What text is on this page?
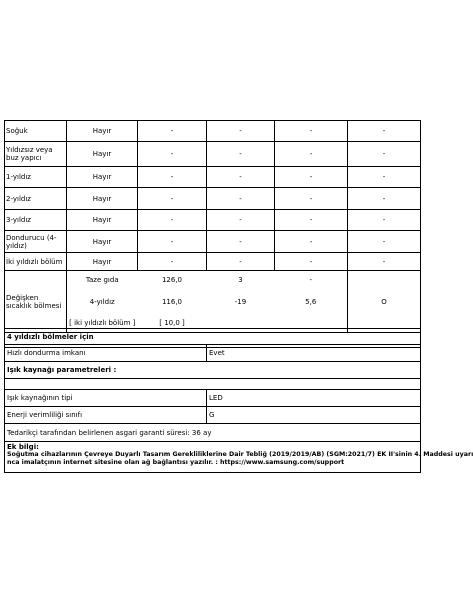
Soğuk	Hayır	-	-	-	-
Yıldızsız veya buz yapıcı	Hayır	-	-	-	-
1-yıldız	Hayır	-	-	-	-
2-yıldız	Hayır	-	-	-	-
3-yıldız	Hayır	-	-	-	-
Dondurucu (4-yıldız)	Hayır	-	-	-	-
İki yıldızlı bölüm	Hayır	-	-	-	-
Değişken sıcaklık bölmesi	Taze gıda	126,0	3	-	O
	4-yıldız	116,0	-19	5,6	
	[ iki yıldızlı bölüm ]	[ 10,0 ]			

4 yıldızlı bölmeler için	
Hızlı dondurma imkanı	Evet
Işık kaynağı parametreleri :	

Işık kaynağının tipi	LED
Enerji verimliliği sınıfı	G
Tedarikçi tarafından belirlenen asgari garanti süresi: 36 ay	

Ek bilgi:
Soğutma cihazlarının Çevreye Duyarlı Tasarım Gerekliliklerine Dair Tebliğ (2019/2019/AB) (SGM:2021/7) EK II'sinin 4. Maddesi uyarı
nca imalatçının internet sitesine olan ağ bağlantısı yazılır. : https://www.samsung.com/support	
